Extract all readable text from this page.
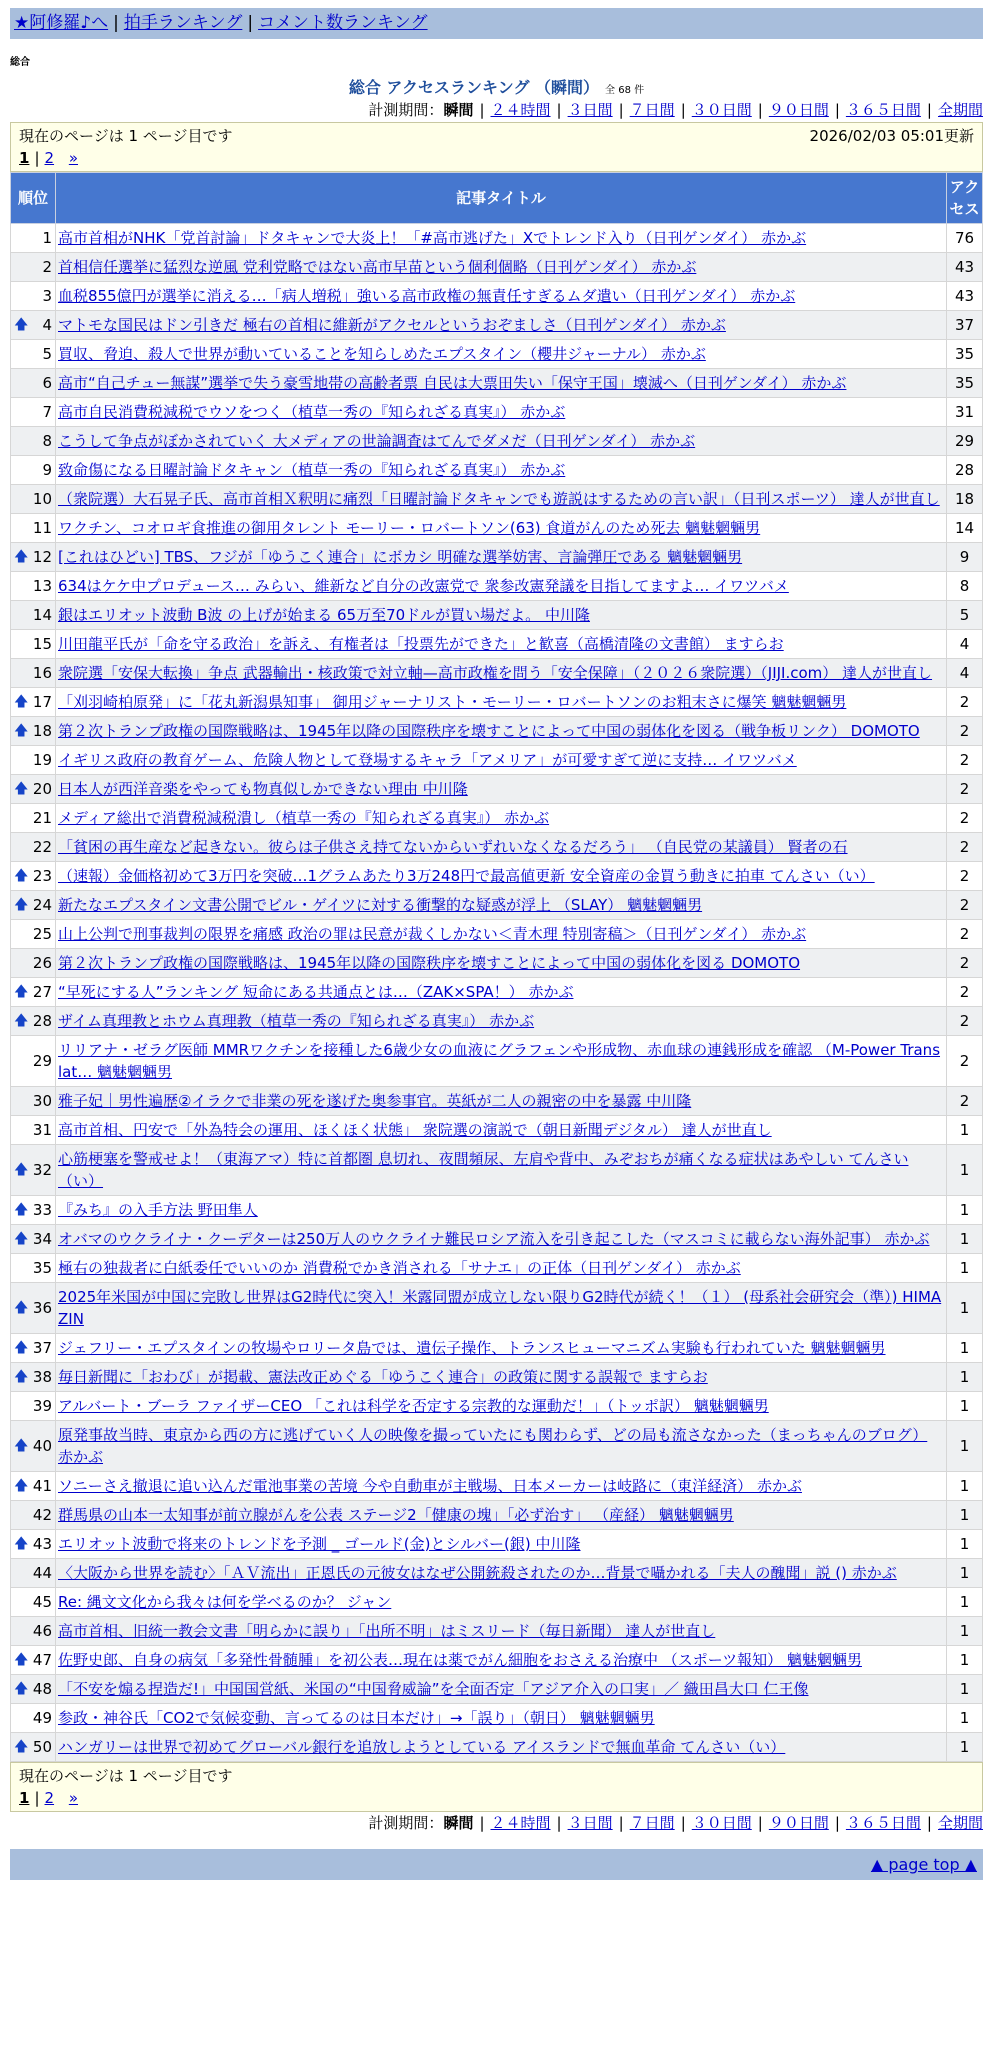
★阿修羅♪へ | 拍手ランキング | コメント数ランキング
総合
総合 アクセスランキング （瞬間） 全 68 件
計測期間：瞬間 | ２４時間 | ３日間 | ７日間 | ３０日間 | ９０日間 | ３６５日間 | 全期間
現在のページは 1 ページ目です	2026/02/03 05:01更新
1 | 2 »
順位	記事タイトル	アクセス
1	高市首相がNHK「党首討論」ドタキャンで大炎上！「#高市逃げた」Xでトレンド入り（日刊ゲンダイ） 赤かぶ	76
2	首相信任選挙に猛烈な逆風 党利党略ではない高市早苗という個利個略（日刊ゲンダイ） 赤かぶ	43
3	血税855億円が選挙に消える…「病人増税」強いる高市政権の無責任すぎるムダ遣い（日刊ゲンダイ） 赤かぶ	43

🡅 4	マトモな国民はドン引きだ 極右の首相に維新がアクセルというおぞましさ（日刊ゲンダイ） 赤かぶ	37
5	買収、脅迫、殺人で世界が動いていることを知らしめたエプスタイン（櫻井ジャーナル） 赤かぶ	35
6	高市“自己チュー無謀”選挙で失う豪雪地帯の高齢者票 自民は大票田失い「保守王国」壊滅へ（日刊ゲンダイ） 赤かぶ	35
7	高市自民消費税減税でウソをつく（植草一秀の『知られざる真実』） 赤かぶ	31
8	こうして争点がぼかされていく 大メディアの世論調査はてんでダメだ（日刊ゲンダイ） 赤かぶ	29
9	致命傷になる日曜討論ドタキャン（植草一秀の『知られざる真実』） 赤かぶ	28
10	（衆院選）大石晃子氏、高市首相Ｘ釈明に痛烈「日曜討論ドタキャンでも遊説はするための言い訳」（日刊スポーツ） 達人が世直し	18
11	ワクチン、コオロギ食推進の御用タレント モーリー・ロバートソン(63) 食道がんのため死去 魑魅魍魎男	14

🡅 12	[これはひどい] TBS、フジが「ゆうこく連合」にボカシ 明確な選挙妨害、言論弾圧である 魑魅魍魎男	9
13	634はケケ中プロデュース… みらい、維新など自分の改憲党で 衆参改憲発議を目指してますよ… イワツバメ	8
14	銀はエリオット波動 B波 の上げが始まる 65万至70ドルが買い場だよ。 中川隆	5
15	川田龍平氏が「命を守る政治」を訴え、有権者は「投票先ができた」と歓喜（高橋清隆の文書館） ますらお	4
16	衆院選「安保大転換」争点 武器輸出・核政策で対立軸—高市政権を問う「安全保障」（２０２６衆院選）（JIJI.com） 達人が世直し	4

🡅 17	「刈羽崎柏原発」に「花丸新潟県知事」 御用ジャーナリスト・モーリー・ロバートソンのお粗末さに爆笑 魑魅魍魎男	2

🡅 18	第２次トランプ政権の国際戦略は、1945年以降の国際秩序を壊すことによって中国の弱体化を図る（戦争板リンク） DOMOTO	2
19	イギリス政府の教育ゲーム、危険人物として登場するキャラ「アメリア」が可愛すぎて逆に支持… イワツバメ	2

🡅 20	日本人が西洋音楽をやっても物真似しかできない理由 中川隆	2
21	メディア総出で消費税減税潰し（植草一秀の『知られざる真実』） 赤かぶ	2
22	「貧困の再生産など起きない。彼らは子供さえ持てないからいずれいなくなるだろう」 （自民党の某議員） 賢者の石	2

🡅 23	（速報）金価格初めて3万円を突破…1グラムあたり3万248円で最高値更新 安全資産の金買う動きに拍車 てんさい（い）	2

🡅 24	新たなエプスタイン文書公開でビル・ゲイツに対する衝撃的な疑惑が浮上 （SLAY） 魑魅魍魎男	2
25	山上公判で刑事裁判の限界を痛感 政治の罪は民意が裁くしかない＜青木理 特別寄稿＞（日刊ゲンダイ） 赤かぶ	2
26	第２次トランプ政権の国際戦略は、1945年以降の国際秩序を壊すことによって中国の弱体化を図る DOMOTO	2

🡅 27	“早死にする人”ランキング 短命にある共通点とは…（ZAK×SPA！） 赤かぶ	2

🡅 28	ザイム真理教とホウム真理教（植草一秀の『知られざる真実』） 赤かぶ	2
29	リリアナ・ゼラグ医師 MMRワクチンを接種した6歳少女の血液にグラフェンや形成物、赤血球の連銭形成を確認 （M-Power Translat… 魑魅魍魎男	2
30	雅子妃｜男性遍歴②イラクで非業の死を遂げた奥参事官。英紙が二人の親密の中を暴露 中川隆	2
31	高市首相、円安で「外為特会の運用、ほくほく状態」 衆院選の演説で（朝日新聞デジタル） 達人が世直し	1

🡅 32	心筋梗塞を警戒せよ！（東海アマ）特に首都圏 息切れ、夜間頻尿、左肩や背中、みぞおちが痛くなる症状はあやしい てんさい（い）	1

🡅 33	『みち』の入手方法 野田隼人	1

🡅 34	オバマのウクライナ・クーデターは250万人のウクライナ難民ロシア流入を引き起こした（マスコミに載らない海外記事） 赤かぶ	1
35	極右の独裁者に白紙委任でいいのか 消費税でかき消される「サナエ」の正体（日刊ゲンダイ） 赤かぶ	1

🡅 36	2025年米国が中国に完敗し世界はG2時代に突入！米露同盟が成立しない限りG2時代が続く！（１） (母系社会研究会（準）) HIMAZIN	1

🡅 37	ジェフリー・エプスタインの牧場やロリータ島では、遺伝子操作、トランスヒューマニズム実験も行われていた 魑魅魍魎男	1

🡅 38	毎日新聞に「おわび」が掲載、憲法改正めぐる「ゆうこく連合」の政策に関する誤報で ますらお	1
39	アルバート・ブーラ ファイザーCEO 「これは科学を否定する宗教的な運動だ！」（トッポ訳） 魑魅魍魎男	1

🡅 40	原発事故当時、東京から西の方に逃げていく人の映像を撮っていたにも関わらず、どの局も流さなかった（まっちゃんのブログ） 赤かぶ	1

🡅 41	ソニーさえ撤退に追い込んだ電池事業の苦境 今や自動車が主戦場、日本メーカーは岐路に（東洋経済） 赤かぶ	1
42	群馬県の山本一太知事が前立腺がんを公表 ステージ2「健康の塊」「必ず治す」 （産経） 魑魅魍魎男	1

🡅 43	エリオット波動で将来のトレンドを予測 _ ゴールド(金)とシルバー(銀) 中川隆	1
44	〈大阪から世界を読む〉「ＡＶ流出」正恩氏の元彼女はなぜ公開銃殺されたのか…背景で囁かれる「夫人の醜聞」説 () 赤かぶ	1
45	Re: 縄文文化から我々は何を学べるのか？ ジャン	1
46	高市首相、旧統一教会文書「明らかに誤り」「出所不明」はミスリード（毎日新聞） 達人が世直し	1

🡅 47	佐野史郎、自身の病気「多発性骨髄腫」を初公表…現在は薬でがん細胞をおさえる治療中 （スポーツ報知） 魑魅魍魎男	1

🡅 48	「不安を煽る捏造だ!」中国国営紙、米国の“中国脅威論”を全面否定「アジア介入の口実」／ 織田昌大口 仁王像	1
49	参政・神谷氏「CO2で気候変動、言ってるのは日本だけ」→「誤り」（朝日） 魑魅魍魎男	1

🡅 50	ハンガリーは世界で初めてグローバル銀行を追放しようとしている アイスランドで無血革命 てんさい（い）	1
現在のページは 1 ページ目です
1 | 2 »
計測期間：瞬間 | ２４時間 | ３日間 | ７日間 | ３０日間 | ９０日間 | ３６５日間 | 全期間
▲ page top ▲
